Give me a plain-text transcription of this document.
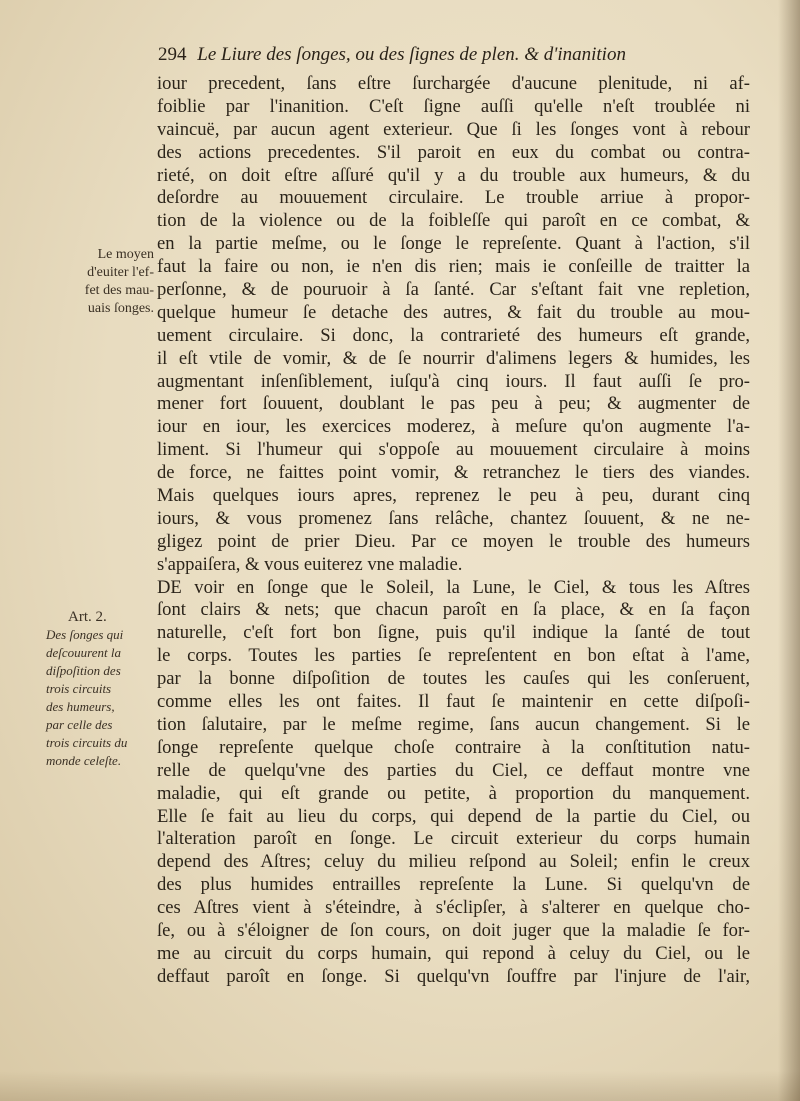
294 Le Liure des ſonges, ou des ſignes de plen. & d'inanition
Le moyen
d'euiter l'ef-
fet des mau-
uais ſonges.
Art. 2.
Des ſonges qui
deſcouurent la
diſpoſition des
trois circuits
des humeurs,
par celle des
trois circuits du
monde celeſte.
iour precedent, ſans eſtre ſurchargée d'aucune plenitude, ni af-
foiblie par l'inanition. C'eſt ſigne auſſi qu'elle n'eſt troublée ni
vaincuë, par aucun agent exterieur. Que ſi les ſonges vont à rebour
des actions precedentes. S'il paroit en eux du combat ou contra-
rieté, on doit eſtre aſſuré qu'il y a du trouble aux humeurs, & du
deſordre au mouuement circulaire. Le trouble arriue à propor-
tion de la violence ou de la foibleſſe qui paroît en ce combat, &
en la partie meſme, ou le ſonge le repreſente. Quant à l'action, s'il
faut la faire ou non, ie n'en dis rien; mais ie conſeille de traitter la
perſonne, & de pouruoir à ſa ſanté. Car s'eſtant fait vne repletion,
quelque humeur ſe detache des autres, & fait du trouble au mou-
uement circulaire. Si donc, la contrarieté des humeurs eſt grande,
il eſt vtile de vomir, & de ſe nourrir d'alimens legers & humides, les
augmentant inſenſiblement, iuſqu'à cinq iours. Il faut auſſi ſe pro-
mener fort ſouuent, doublant le pas peu à peu; & augmenter de
iour en iour, les exercices moderez, à meſure qu'on augmente l'a-
liment. Si l'humeur qui s'oppoſe au mouuement circulaire à moins
de force, ne faittes point vomir, & retranchez le tiers des viandes.
Mais quelques iours apres, reprenez le peu à peu, durant cinq
iours, & vous promenez ſans relâche, chantez ſouuent, & ne ne-
gligez point de prier Dieu. Par ce moyen le trouble des humeurs
s'appaiſera, & vous euiterez vne maladie.
DE voir en ſonge que le Soleil, la Lune, le Ciel, & tous les Aſtres
ſont clairs & nets; que chacun paroît en ſa place, & en ſa façon
naturelle, c'eſt fort bon ſigne, puis qu'il indique la ſanté de tout
le corps. Toutes les parties ſe repreſentent en bon eſtat à l'ame,
par la bonne diſpoſition de toutes les cauſes qui les conſeruent,
comme elles les ont faites. Il faut ſe maintenir en cette diſpoſi-
tion ſalutaire, par le meſme regime, ſans aucun changement. Si le
ſonge repreſente quelque choſe contraire à la conſtitution natu-
relle de quelqu'vne des parties du Ciel, ce deffaut montre vne
maladie, qui eſt grande ou petite, à proportion du manquement.
Elle ſe fait au lieu du corps, qui depend de la partie du Ciel, ou
l'alteration paroît en ſonge. Le circuit exterieur du corps humain
depend des Aſtres; celuy du milieu reſpond au Soleil; enfin le creux
des plus humides entrailles repreſente la Lune. Si quelqu'vn de
ces Aſtres vient à s'éteindre, à s'éclipſer, à s'alterer en quelque cho-
ſe, ou à s'éloigner de ſon cours, on doit juger que la maladie ſe for-
me au circuit du corps humain, qui repond à celuy du Ciel, ou le
deffaut paroît en ſonge. Si quelqu'vn ſouffre par l'injure de l'air,
